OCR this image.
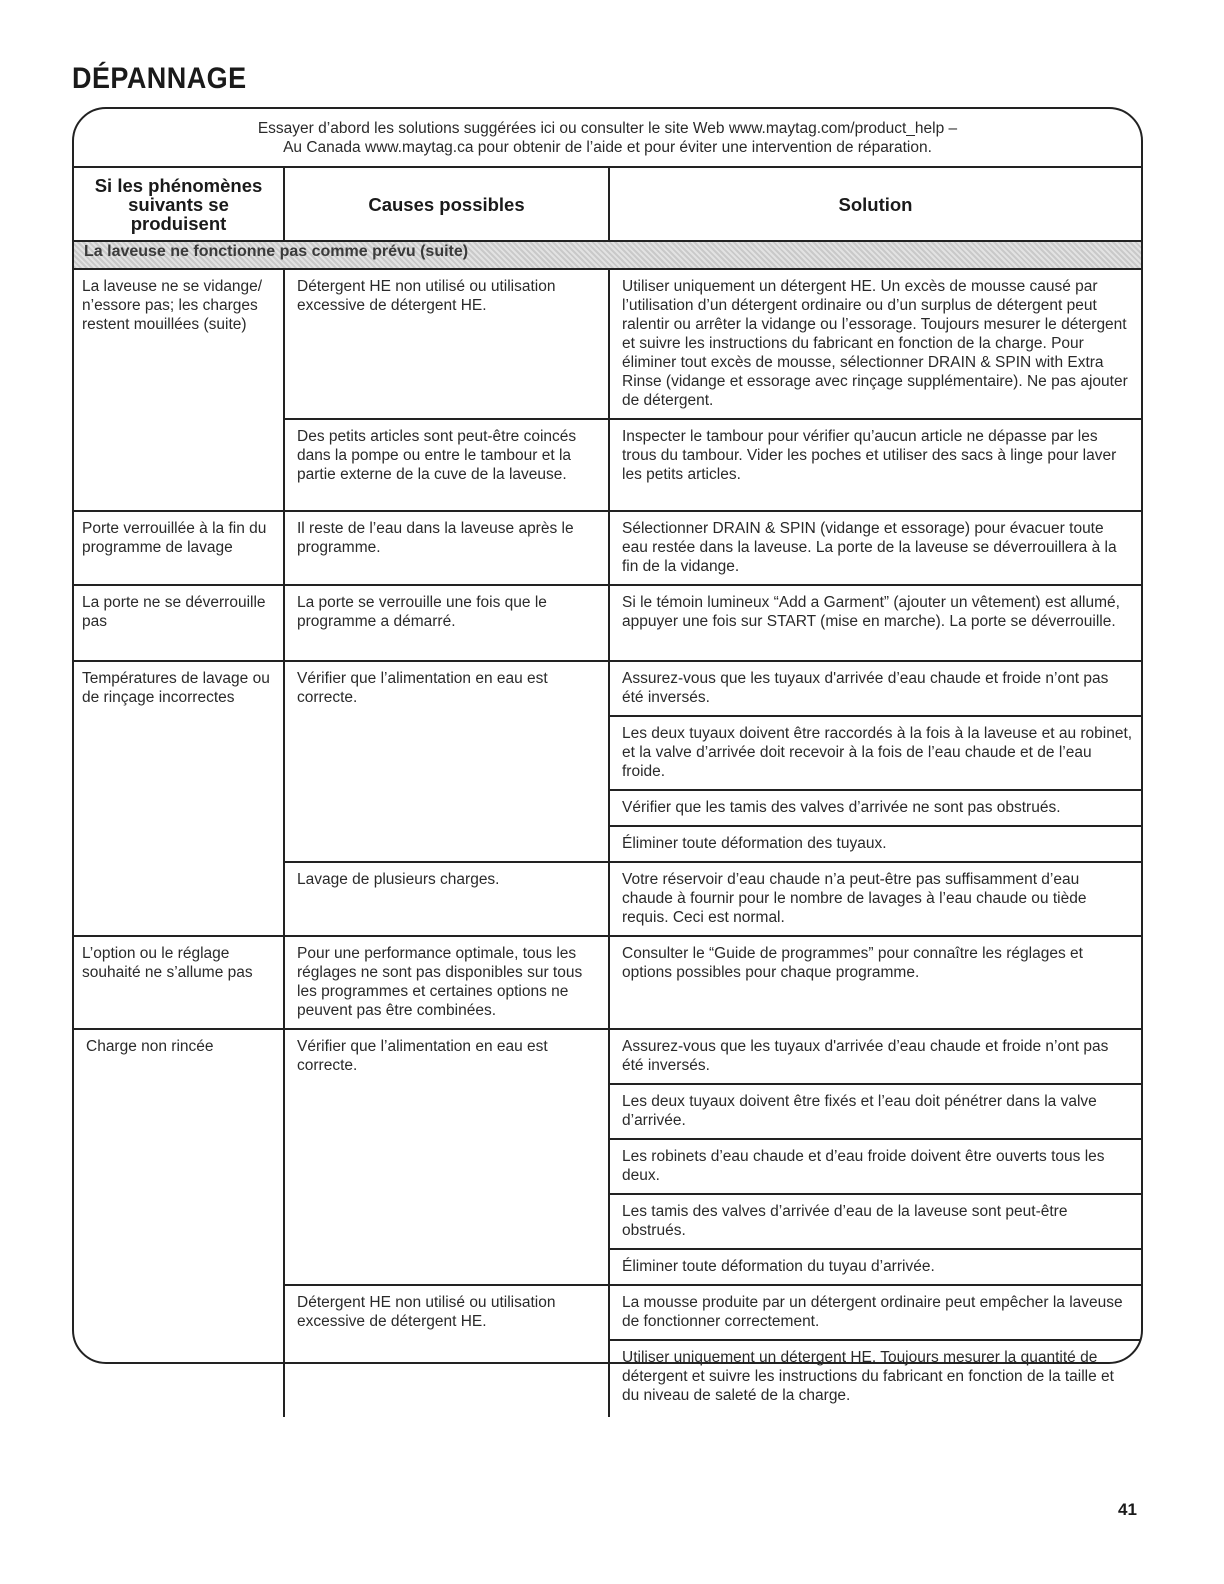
DÉPANNAGE
Essayer d’abord les solutions suggérées ici ou consulter le site Web www.maytag.com/product_help –
Au Canada www.maytag.ca pour obtenir de l’aide et pour éviter une intervention de réparation.
Si les phénomènes suivants se produisent	Causes possibles	Solution
La laveuse ne fonctionne pas comme prévu (suite)		
La laveuse ne se vidange/ n’essore pas; les charges restent mouillées (suite)	Détergent HE non utilisé ou utilisation excessive de détergent HE.	Utiliser uniquement un détergent HE. Un excès de mousse causé par l’utilisation d’un détergent ordinaire ou d’un surplus de détergent peut ralentir ou arrêter la vidange ou l’essorage. Toujours mesurer le détergent et suivre les instructions du fabricant en fonction de la charge. Pour éliminer tout excès de mousse, sélectionner DRAIN & SPIN with Extra Rinse (vidange et essorage avec rinçage supplémentaire). Ne pas ajouter de détergent.
	Des petits articles sont peut-être coincés dans la pompe ou entre le tambour et la partie externe de la cuve de la laveuse.	Inspecter le tambour pour vérifier qu’aucun article ne dépasse par les trous du tambour. Vider les poches et utiliser des sacs à linge pour laver les petits articles.
Porte verrouillée à la fin du programme de lavage	Il reste de l’eau dans la laveuse après le programme.	Sélectionner DRAIN & SPIN (vidange et essorage) pour évacuer toute eau restée dans la laveuse. La porte de la laveuse se déverrouillera à la fin de la vidange.
La porte ne se déverrouille pas	La porte se verrouille une fois que le programme a démarré.	Si le témoin lumineux “Add a Garment” (ajouter un vêtement) est allumé, appuyer une fois sur START (mise en marche). La porte se déverrouille.
Températures de lavage ou de rinçage incorrectes	Vérifier que l’alimentation en eau est correcte.	Assurez-vous que les tuyaux d'arrivée d’eau chaude et froide n’ont pas été inversés.
		Les deux tuyaux doivent être raccordés à la fois à la laveuse et au robinet, et la valve d’arrivée doit recevoir à la fois de l’eau chaude et de l’eau froide.
		Vérifier que les tamis des valves d’arrivée ne sont pas obstrués.
		Éliminer toute déformation des tuyaux.
	Lavage de plusieurs charges.	Votre réservoir d’eau chaude n’a peut-être pas suffisamment d’eau chaude à fournir pour le nombre de lavages à l’eau chaude ou tiède requis. Ceci est normal.
L’option ou le réglage souhaité ne s’allume pas	Pour une performance optimale, tous les réglages ne sont pas disponibles sur tous les programmes et certaines options ne peuvent pas être combinées.	Consulter le “Guide de programmes” pour connaître les réglages et options possibles pour chaque programme.
Charge non rincée	Vérifier que l’alimentation en eau est correcte.	Assurez-vous que les tuyaux d'arrivée d’eau chaude et froide n’ont pas été inversés.
		Les deux tuyaux doivent être fixés et l’eau doit pénétrer dans la valve d’arrivée.
		Les robinets d’eau chaude et d’eau froide doivent être ouverts tous les deux.
		Les tamis des valves d’arrivée d’eau de la laveuse sont peut-être obstrués.
		Éliminer toute déformation du tuyau d’arrivée.
	Détergent HE non utilisé ou utilisation excessive de détergent HE.	La mousse produite par un détergent ordinaire peut empêcher la laveuse de fonctionner correctement.
		Utiliser uniquement un détergent HE. Toujours mesurer la quantité de détergent et suivre les instructions du fabricant en fonction de la taille et du niveau de saleté de la charge.
41
